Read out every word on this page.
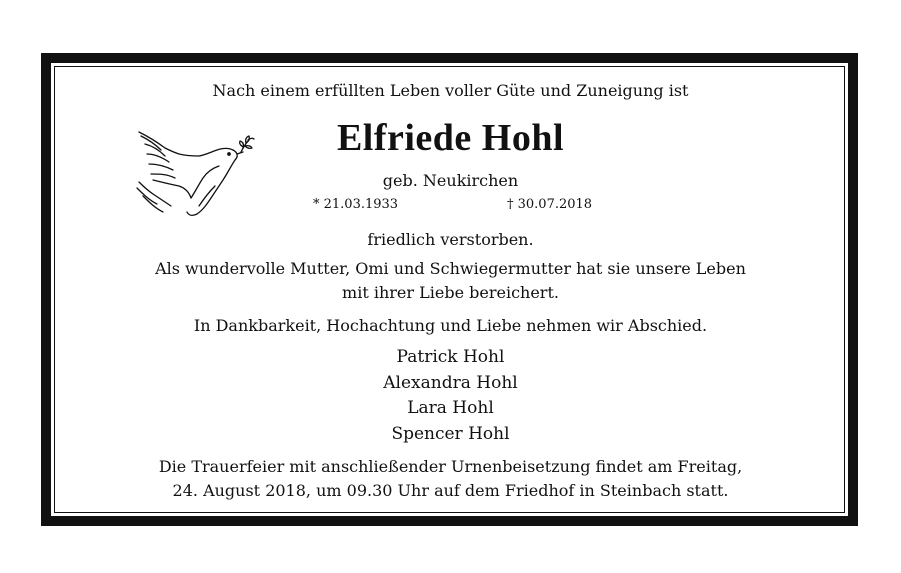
Nach einem erfüllten Leben voller Güte und Zuneigung ist
Elfriede Hohl
geb. Neukirchen
* 21.03.1933	† 30.07.2018
friedlich verstorben.
Als wundervolle Mutter, Omi und Schwiegermutter hat sie unsere Leben
mit ihrer Liebe bereichert.
In Dankbarkeit, Hochachtung und Liebe nehmen wir Abschied.
Patrick Hohl
Alexandra Hohl
Lara Hohl
Spencer Hohl
Die Trauerfeier mit anschließender Urnenbeisetzung findet am Freitag,
24. August 2018, um 09.30 Uhr auf dem Friedhof in Steinbach statt.
